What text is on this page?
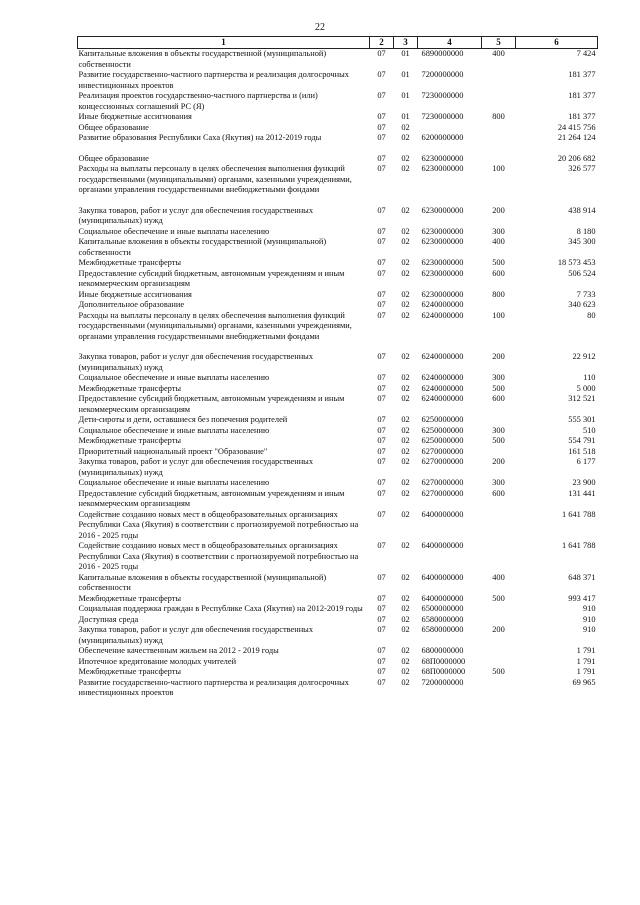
22
1	2	3	4	5	6
Капитальные вложения в объекты государственной (муниципальной) собственности	07	01	6890000000	400	7 424
Развитие государственно-частного партнерства и реализация долгосрочных инвестиционных проектов	07	01	7200000000		181 377
Реализация проектов государственно-частного партнерства и (или) концессионных соглашений РС (Я)	07	01	7230000000		181 377
Иные бюджетные ассигнования	07	01	7230000000	800	181 377
Общее образование	07	02			24 415 756
Развитие образования Республики Саха (Якутия) на 2012-2019 годы	07	02	6200000000		21 264 124

Общее образование	07	02	6230000000		20 206 682
Расходы на выплаты персоналу в целях обеспечения выполнения функций государственными (муниципальными) органами, казенными учреждениями, органами управления государственными внебюджетными фондами	07	02	6230000000	100	326 577

Закупка товаров, работ и услуг для обеспечения государственных (муниципальных) нужд	07	02	6230000000	200	438 914
Социальное обеспечение и иные выплаты населению	07	02	6230000000	300	8 180
Капитальные вложения в объекты государственной (муниципальной) собственности	07	02	6230000000	400	345 300
Межбюджетные трансферты	07	02	6230000000	500	18 573 453
Предоставление субсидий бюджетным, автономным учреждениям и иным некоммерческим организациям	07	02	6230000000	600	506 524
Иные бюджетные ассигнования	07	02	6230000000	800	7 733
Дополнительное образование	07	02	6240000000		340 623
Расходы на выплаты персоналу в целях обеспечения выполнения функций государственными (муниципальными) органами, казенными учреждениями, органами управления государственными внебюджетными фондами	07	02	6240000000	100	80

Закупка товаров, работ и услуг для обеспечения государственных (муниципальных) нужд	07	02	6240000000	200	22 912
Социальное обеспечение и иные выплаты населению	07	02	6240000000	300	110
Межбюджетные трансферты	07	02	6240000000	500	5 000
Предоставление субсидий бюджетным, автономным учреждениям и иным некоммерческим организациям	07	02	6240000000	600	312 521
Дети-сироты и дети, оставшиеся без попечения родителей	07	02	6250000000		555 301
Социальное обеспечение и иные выплаты населению	07	02	6250000000	300	510
Межбюджетные трансферты	07	02	6250000000	500	554 791
Приоритетный национальный проект "Образование"	07	02	6270000000		161 518
Закупка товаров, работ и услуг для обеспечения государственных (муниципальных) нужд	07	02	6270000000	200	6 177
Социальное обеспечение и иные выплаты населению	07	02	6270000000	300	23 900
Предоставление субсидий бюджетным, автономным учреждениям и иным некоммерческим организациям	07	02	6270000000	600	131 441
Содействие созданию новых мест в общеобразовательных организациях Республики Саха (Якутия) в соответствии с прогнозируемой потребностью на 2016 - 2025 годы	07	02	6400000000		1 641 788
Содействие созданию новых мест в общеобразовательных организациях Республики Саха (Якутия) в соответствии с прогнозируемой потребностью на 2016 - 2025 годы	07	02	6400000000		1 641 788
Капитальные вложения в объекты государственной (муниципальной) собственности	07	02	6400000000	400	648 371
Межбюджетные трансферты	07	02	6400000000	500	993 417
Социальная поддержка граждан в Республике Саха (Якутия) на 2012-2019 годы	07	02	6500000000		910
Доступная среда	07	02	6580000000		910
Закупка товаров, работ и услуг для обеспечения государственных (муниципальных) нужд	07	02	6580000000	200	910
Обеспечение качественным жильем на 2012 - 2019 годы	07	02	6800000000		1 791
Ипотечное кредитование молодых учителей	07	02	68П0000000		1 791
Межбюджетные трансферты	07	02	68П0000000	500	1 791
Развитие государственно-частного партнерства и реализация долгосрочных инвестиционных проектов	07	02	7200000000		69 965
